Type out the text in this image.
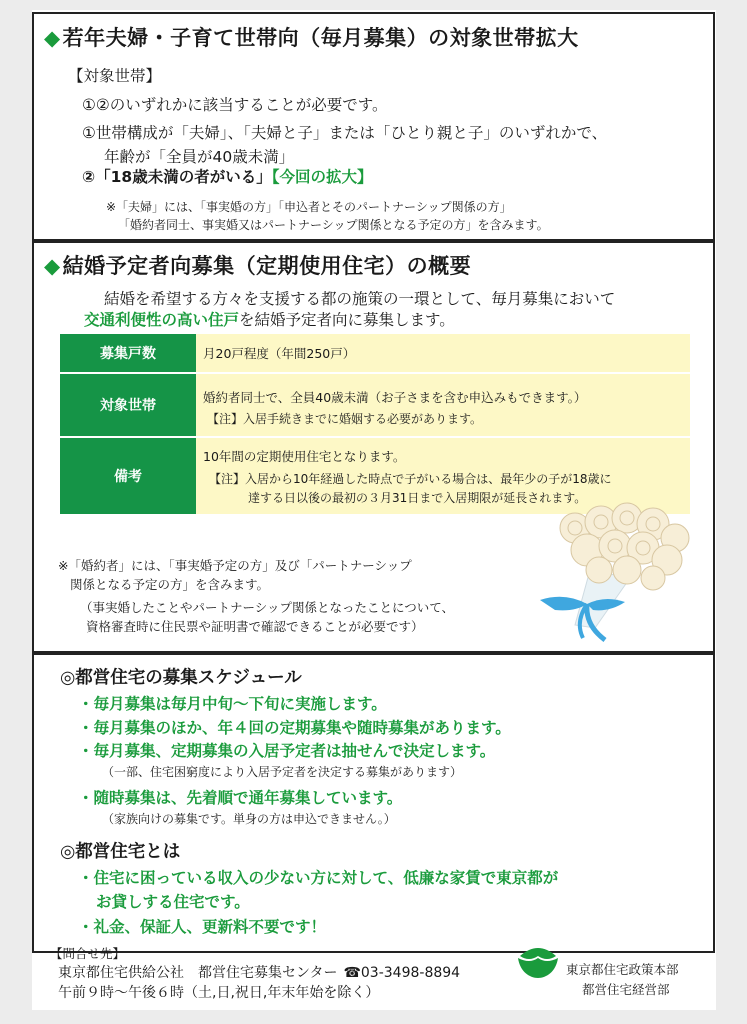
◆若年夫婦・子育て世帯向（毎月募集）の対象世帯拡大
【対象世帯】
①②のいずれかに該当することが必要です。
①世帯構成が「夫婦」、「夫婦と子」または「ひとり親と子」のいずれかで、
年齢が「全員が40歳未満」
②「18歳未満の者がいる」【今回の拡大】
※「夫婦」には、「事実婚の方」「申込者とそのパートナーシップ関係の方」
「婚約者同士、事実婚又はパートナーシップ関係となる予定の方」を含みます。
◆結婚予定者向募集（定期使用住宅）の概要
結婚を希望する方々を支援する都の施策の一環として、毎月募集において
交通利便性の高い住戸を結婚予定者向に募集します。
募集戸数	月20戸程度（年間250戸）
対象世帯
婚約者同士で、全員40歳未満（お子さまを含む申込みもできます。）
【注】入居手続きまでに婚姻する必要があります。
備考
10年間の定期使用住宅となります。
【注】入居から10年経過した時点で子がいる場合は、最年少の子が18歳に
達する日以後の最初の３月31日まで入居期限が延長されます。
※「婚約者」には、「事実婚予定の方」及び「パートナーシップ
関係となる予定の方」を含みます。
（事実婚したことやパートナーシップ関係となったことについて、
資格審査時に住民票や証明書で確認できることが必要です）
◎都営住宅の募集スケジュール
・毎月募集は毎月中旬～下旬に実施します。
・毎月募集のほか、年４回の定期募集や随時募集があります。
・毎月募集、定期募集の入居予定者は抽せんで決定します。
（一部、住宅困窮度により入居予定者を決定する募集があります）
・随時募集は、先着順で通年募集しています。
（家族向けの募集です。単身の方は申込できません。）
◎都営住宅とは
・住宅に困っている収入の少ない方に対して、低廉な家賃で東京都が
お貸しする住宅です。
・礼金、保証人、更新料不要です！
【問合せ先】
東京都住宅供給公社　都営住宅募集センター ☎03-3498-8894
午前９時～午後６時（土,日,祝日,年末年始を除く）
東京都住宅政策本部
都営住宅経営部
